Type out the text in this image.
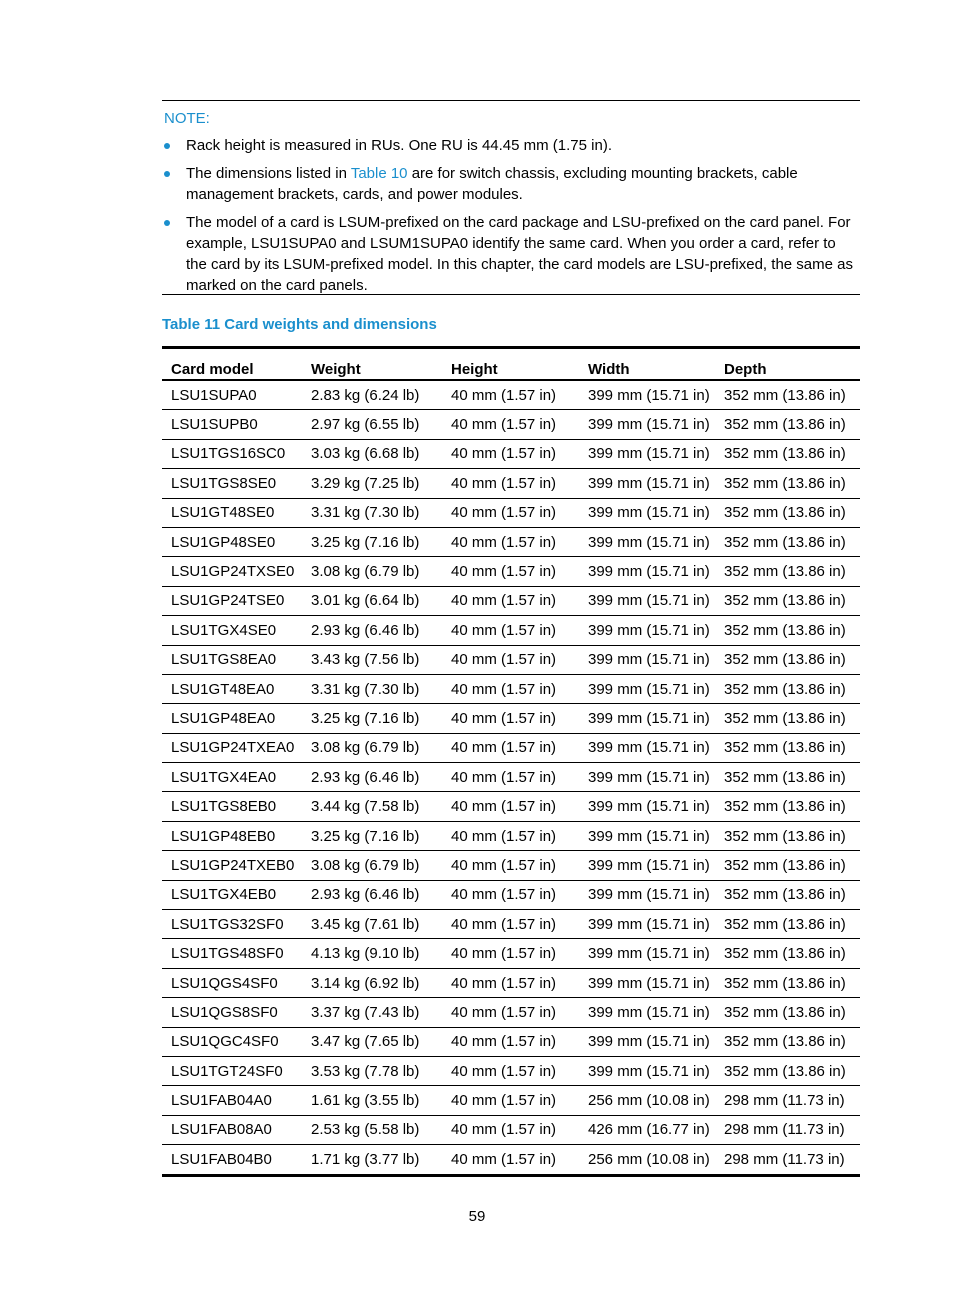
NOTE:
Rack height is measured in RUs. One RU is 44.45 mm (1.75 in).
The dimensions listed in Table 10 are for switch chassis, excluding mounting brackets, cable management brackets, cards, and power modules.
The model of a card is LSUM-prefixed on the card package and LSU-prefixed on the card panel. For example, LSU1SUPA0 and LSUM1SUPA0 identify the same card. When you order a card, refer to the card by its LSUM-prefixed model. In this chapter, the card models are LSU-prefixed, the same as marked on the card panels.
Table 11 Card weights and dimensions
Card model	Weight	Height	Width	Depth
LSU1SUPA0	2.83 kg (6.24 lb)	40 mm (1.57 in)	399 mm (15.71 in)	352 mm (13.86 in)
LSU1SUPB0	2.97 kg (6.55 lb)	40 mm (1.57 in)	399 mm (15.71 in)	352 mm (13.86 in)
LSU1TGS16SC0	3.03 kg (6.68 lb)	40 mm (1.57 in)	399 mm (15.71 in)	352 mm (13.86 in)
LSU1TGS8SE0	3.29 kg (7.25 lb)	40 mm (1.57 in)	399 mm (15.71 in)	352 mm (13.86 in)
LSU1GT48SE0	3.31 kg (7.30 lb)	40 mm (1.57 in)	399 mm (15.71 in)	352 mm (13.86 in)
LSU1GP48SE0	3.25 kg (7.16 lb)	40 mm (1.57 in)	399 mm (15.71 in)	352 mm (13.86 in)
LSU1GP24TXSE0	3.08 kg (6.79 lb)	40 mm (1.57 in)	399 mm (15.71 in)	352 mm (13.86 in)
LSU1GP24TSE0	3.01 kg (6.64 lb)	40 mm (1.57 in)	399 mm (15.71 in)	352 mm (13.86 in)
LSU1TGX4SE0	2.93 kg (6.46 lb)	40 mm (1.57 in)	399 mm (15.71 in)	352 mm (13.86 in)
LSU1TGS8EA0	3.43 kg (7.56 lb)	40 mm (1.57 in)	399 mm (15.71 in)	352 mm (13.86 in)
LSU1GT48EA0	3.31 kg (7.30 lb)	40 mm (1.57 in)	399 mm (15.71 in)	352 mm (13.86 in)
LSU1GP48EA0	3.25 kg (7.16 lb)	40 mm (1.57 in)	399 mm (15.71 in)	352 mm (13.86 in)
LSU1GP24TXEA0	3.08 kg (6.79 lb)	40 mm (1.57 in)	399 mm (15.71 in)	352 mm (13.86 in)
LSU1TGX4EA0	2.93 kg (6.46 lb)	40 mm (1.57 in)	399 mm (15.71 in)	352 mm (13.86 in)
LSU1TGS8EB0	3.44 kg (7.58 lb)	40 mm (1.57 in)	399 mm (15.71 in)	352 mm (13.86 in)
LSU1GP48EB0	3.25 kg (7.16 lb)	40 mm (1.57 in)	399 mm (15.71 in)	352 mm (13.86 in)
LSU1GP24TXEB0	3.08 kg (6.79 lb)	40 mm (1.57 in)	399 mm (15.71 in)	352 mm (13.86 in)
LSU1TGX4EB0	2.93 kg (6.46 lb)	40 mm (1.57 in)	399 mm (15.71 in)	352 mm (13.86 in)
LSU1TGS32SF0	3.45 kg (7.61 lb)	40 mm (1.57 in)	399 mm (15.71 in)	352 mm (13.86 in)
LSU1TGS48SF0	4.13 kg (9.10 lb)	40 mm (1.57 in)	399 mm (15.71 in)	352 mm (13.86 in)
LSU1QGS4SF0	3.14 kg (6.92 lb)	40 mm (1.57 in)	399 mm (15.71 in)	352 mm (13.86 in)
LSU1QGS8SF0	3.37 kg (7.43 lb)	40 mm (1.57 in)	399 mm (15.71 in)	352 mm (13.86 in)
LSU1QGC4SF0	3.47 kg (7.65 lb)	40 mm (1.57 in)	399 mm (15.71 in)	352 mm (13.86 in)
LSU1TGT24SF0	3.53 kg (7.78 lb)	40 mm (1.57 in)	399 mm (15.71 in)	352 mm (13.86 in)
LSU1FAB04A0	1.61 kg (3.55 lb)	40 mm (1.57 in)	256 mm (10.08 in)	298 mm (11.73 in)
LSU1FAB08A0	2.53 kg (5.58 lb)	40 mm (1.57 in)	426 mm (16.77 in)	298 mm (11.73 in)
LSU1FAB04B0	1.71 kg (3.77 lb)	40 mm (1.57 in)	256 mm (10.08 in)	298 mm (11.73 in)
59
